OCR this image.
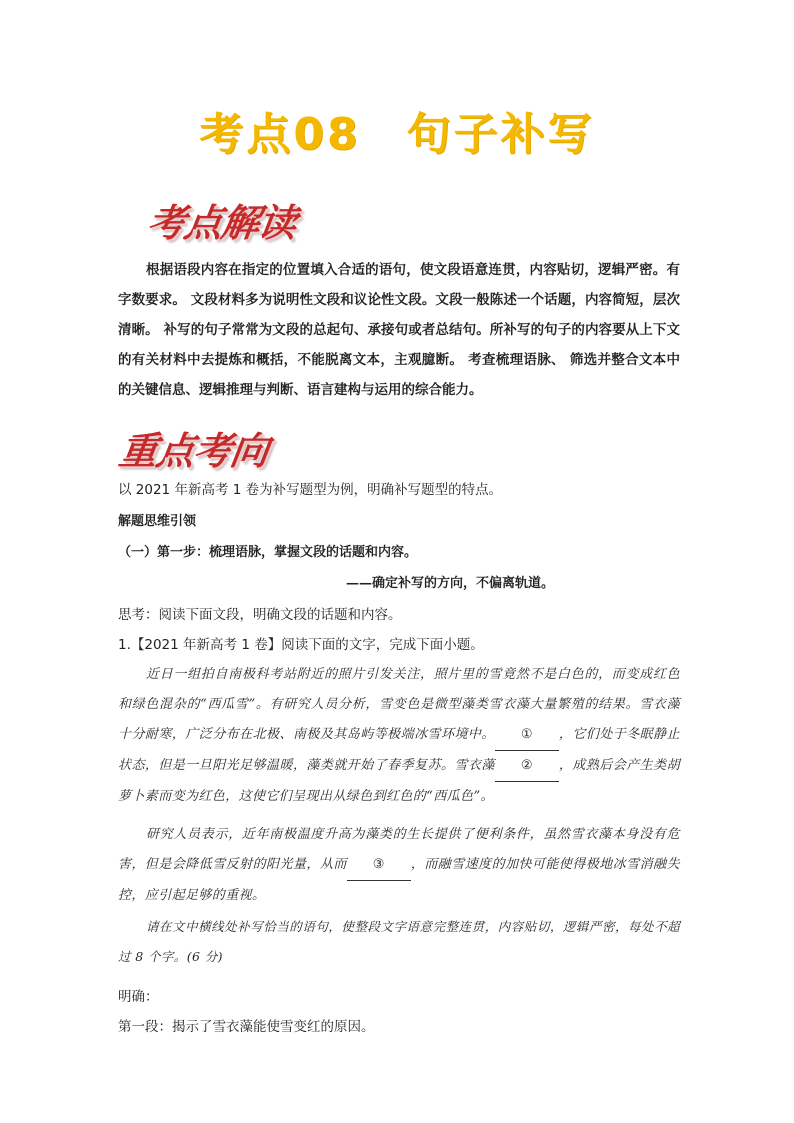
考点08 句子补写
考点解读
根据语段内容在指定的位置填入合适的语句，使文段语意连贯，内容贴切，逻辑严密。有字数要求。 文段材料多为说明性文段和议论性文段。文段一般陈述一个话题，内容简短，层次清晰。 补写的句子常常为文段的总起句、承接句或者总结句。所补写的句子的内容要从上下文的有关材料中去提炼和概括，不能脱离文本，主观臆断。 考查梳理语脉、 筛选并整合文本中的关键信息、逻辑推理与判断、语言建构与运用的综合能力。
重点考向
以 2021 年新高考 1 卷为补写题型为例，明确补写题型的特点。
解题思维引领
（一）第一步：梳理语脉，掌握文段的话题和内容。
——确定补写的方向，不偏离轨道。
思考：阅读下面文段，明确文段的话题和内容。
1.【2021 年新高考 1 卷】阅读下面的文字，完成下面小题。
近日一组拍自南极科考站附近的照片引发关注，照片里的雪竟然不是白色的，而变成红色和绿色混杂的“西瓜雪”。有研究人员分析，雪变色是微型藻类雪衣藻大量繁殖的结果。雪衣藻十分耐寒，广泛分布在北极、南极及其岛屿等极端冰雪环境中。 ① ，它们处于冬眠静止状态，但是一旦阳光足够温暖，藻类就开始了春季复苏。雪衣藻 ② ，成熟后会产生类胡萝卜素而变为红色，这使它们呈现出从绿色到红色的“西瓜色”。
研究人员表示，近年南极温度升高为藻类的生长提供了便利条件，虽然雪衣藻本身没有危害，但是会降低雪反射的阳光量，从而 ③ ，而融雪速度的加快可能使得极地冰雪消融失控，应引起足够的重视。
请在文中横线处补写恰当的语句，使整段文字语意完整连贯，内容贴切，逻辑严密，每处不超过 8 个字。(6 分)
明确：
第一段：揭示了雪衣藻能使雪变红的原因。
